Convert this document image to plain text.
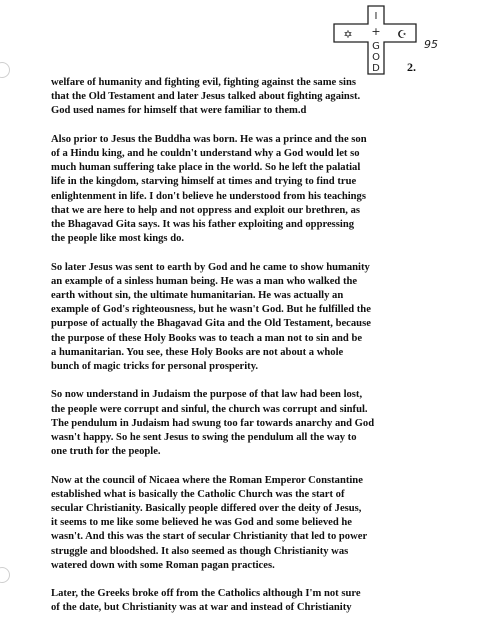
I
+
G
O
D
✡	☪
95
2.

welfare of humanity and fighting evil, fighting against the same sins
that the Old Testament and later Jesus talked about fighting against.
God used names for himself that were familiar to them.d

Also prior to Jesus the Buddha was born. He was a prince and the son
of a Hindu king, and he couldn't understand why a God would let so
much human suffering take place in the world. So he left the palatial
life in the kingdom, starving himself at times and trying to find true
enlightenment in life. I don't believe he understood from his teachings
that we are here to help and not oppress and exploit our brethren, as
the Bhagavad Gita says. It was his father exploiting and oppressing
the people like most kings do.

So later Jesus was sent to earth by God and he came to show humanity
an example of a sinless human being. He was a man who walked the
earth without sin, the ultimate humanitarian. He was actually an
example of God's righteousness, but he wasn't God. But he fulfilled the
purpose of actually the Bhagavad Gita and the Old Testament, because
the purpose of these Holy Books was to teach a man not to sin and be
a humanitarian. You see, these Holy Books are not about a whole
bunch of magic tricks for personal prosperity.

So now understand in Judaism the purpose of that law had been lost,
the people were corrupt and sinful, the church was corrupt and sinful.
The pendulum in Judaism had swung too far towards anarchy and God
wasn't happy. So he sent Jesus to swing the pendulum all the way to
one truth for the people.

Now at the council of Nicaea where the Roman Emperor Constantine
established what is basically the Catholic Church was the start of
secular Christianity. Basically people differed over the deity of Jesus,
it seems to me like some believed he was God and some believed he
wasn't. And this was the start of secular Christianity that led to power
struggle and bloodshed. It also seemed as though Christianity was
watered down with some Roman pagan practices.

Later, the Greeks broke off from the Catholics although I'm not sure
of the date, but Christianity was at war and instead of Christianity
